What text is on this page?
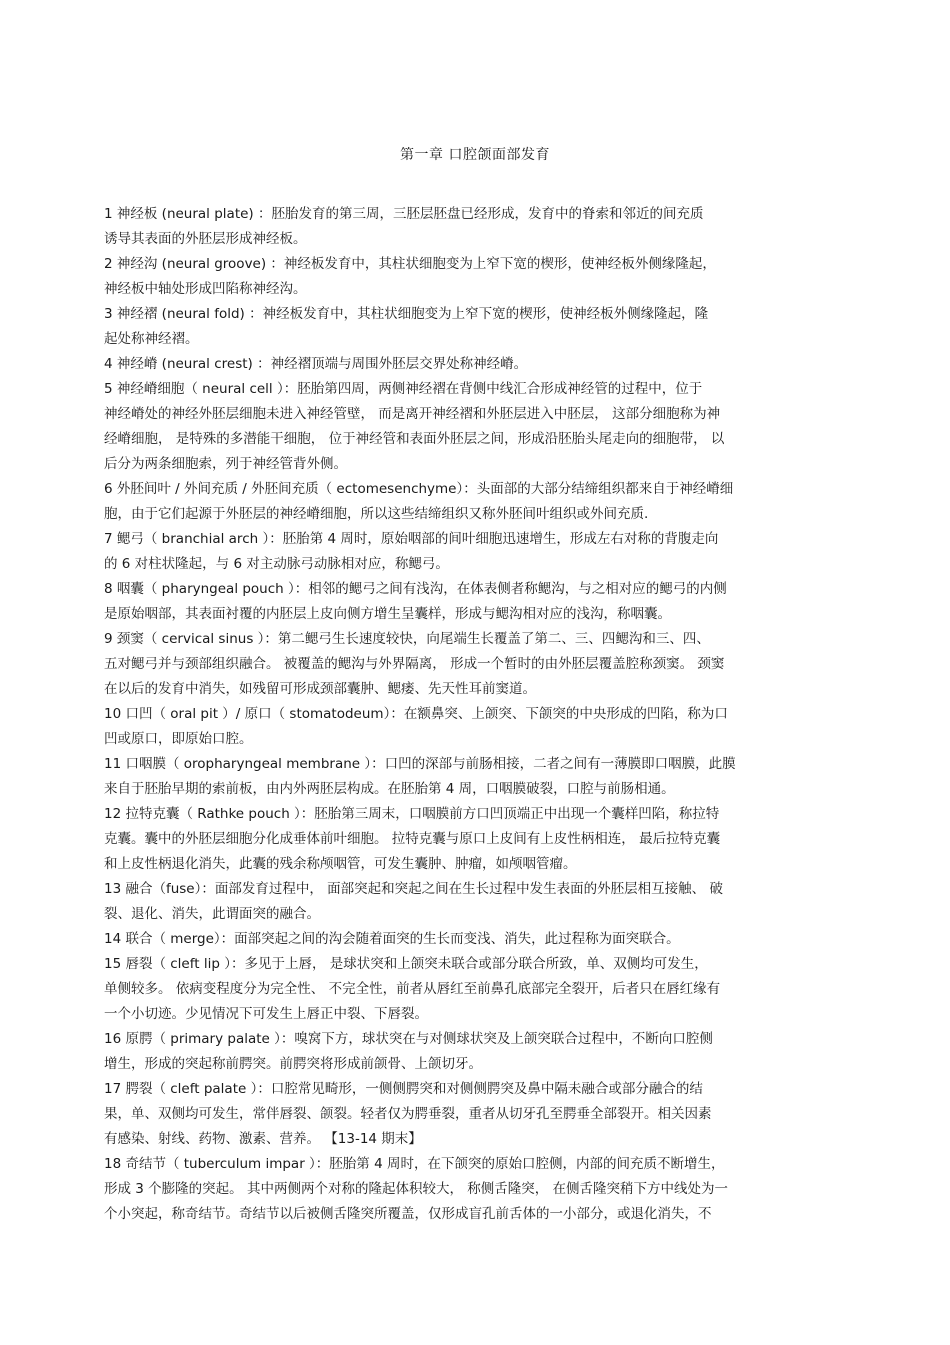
第一章 口腔颌面部发育
1 神经板 (neural plate) ：胚胎发育的第三周，三胚层胚盘已经形成，发育中的脊索和邻近的间充质
诱导其表面的外胚层形成神经板。
2 神经沟 (neural groove) ：神经板发育中，其柱状细胞变为上窄下宽的楔形，使神经板外侧缘隆起，
神经板中轴处形成凹陷称神经沟。
3 神经褶 (neural fold) ：神经板发育中，其柱状细胞变为上窄下宽的楔形，使神经板外侧缘隆起，隆
起处称神经褶。
4 神经嵴 (neural crest) ：神经褶顶端与周围外胚层交界处称神经嵴。
5 神经嵴细胞（ neural cell ）：胚胎第四周，两侧神经褶在背侧中线汇合形成神经管的过程中，位于
神经嵴处的神经外胚层细胞未进入神经管壁， 而是离开神经褶和外胚层进入中胚层， 这部分细胞称为神
经嵴细胞， 是特殊的多潜能干细胞， 位于神经管和表面外胚层之间，形成沿胚胎头尾走向的细胞带， 以
后分为两条细胞索，列于神经管背外侧。
6 外胚间叶 / 外间充质 / 外胚间充质（ ectomesenchyme）：头面部的大部分结缔组织都来自于神经嵴细
胞，由于它们起源于外胚层的神经嵴细胞，所以这些结缔组织又称外胚间叶组织或外间充质.
7 鳃弓（ branchial arch ）：胚胎第 4 周时，原始咽部的间叶细胞迅速增生，形成左右对称的背腹走向
的 6 对柱状隆起，与 6 对主动脉弓动脉相对应，称鳃弓。
8 咽囊（ pharyngeal pouch ）：相邻的鳃弓之间有浅沟，在体表侧者称鳃沟，与之相对应的鳃弓的内侧
是原始咽部，其表面衬覆的内胚层上皮向侧方增生呈囊样，形成与鳃沟相对应的浅沟，称咽囊。
9 颈窦（ cervical sinus ）：第二鳃弓生长速度较快，向尾端生长覆盖了第二、三、四鳃沟和三、四、
五对鳃弓并与颈部组织融合。 被覆盖的鳃沟与外界隔离， 形成一个暂时的由外胚层覆盖腔称颈窦。 颈窦
在以后的发育中消失，如残留可形成颈部囊肿、鳃瘘、先天性耳前窦道。
10 口凹（ oral pit ）/ 原口（ stomatodeum）：在额鼻突、上颌突、下颌突的中央形成的凹陷，称为口
凹或原口，即原始口腔。
11 口咽膜（ oropharyngeal membrane ）：口凹的深部与前肠相接，二者之间有一薄膜即口咽膜，此膜
来自于胚胎早期的索前板，由内外两胚层构成。在胚胎第 4 周，口咽膜破裂，口腔与前肠相通。
12 拉特克囊（ Rathke pouch ）：胚胎第三周末，口咽膜前方口凹顶端正中出现一个囊样凹陷，称拉特
克囊。囊中的外胚层细胞分化成垂体前叶细胞。 拉特克囊与原口上皮间有上皮性柄相连， 最后拉特克囊
和上皮性柄退化消失，此囊的残余称颅咽管，可发生囊肿、肿瘤，如颅咽管瘤。
13 融合（fuse）：面部发育过程中， 面部突起和突起之间在生长过程中发生表面的外胚层相互接触、 破
裂、退化、消失，此谓面突的融合。
14 联合（ merge）：面部突起之间的沟会随着面突的生长而变浅、消失，此过程称为面突联合。
15 唇裂（ cleft lip ）：多见于上唇， 是球状突和上颌突未联合或部分联合所致，单、双侧均可发生，
单侧较多。 依病变程度分为完全性、 不完全性，前者从唇红至前鼻孔底部完全裂开，后者只在唇红缘有
一个小切迹。少见情况下可发生上唇正中裂、下唇裂。
16 原腭（ primary palate ）：嗅窝下方，球状突在与对侧球状突及上颌突联合过程中，不断向口腔侧
增生，形成的突起称前腭突。前腭突将形成前颌骨、上颌切牙。
17 腭裂（ cleft palate ）：口腔常见畸形，一侧侧腭突和对侧侧腭突及鼻中隔未融合或部分融合的结
果，单、双侧均可发生，常伴唇裂、颌裂。轻者仅为腭垂裂，重者从切牙孔至腭垂全部裂开。相关因素
有感染、射线、药物、激素、营养。 【13-14 期末】
18 奇结节（ tuberculum impar ）：胚胎第 4 周时，在下颌突的原始口腔侧，内部的间充质不断增生，
形成 3 个膨隆的突起。 其中两侧两个对称的隆起体积较大， 称侧舌隆突， 在侧舌隆突稍下方中线处为一
个小突起，称奇结节。奇结节以后被侧舌隆突所覆盖，仅形成盲孔前舌体的一小部分，或退化消失，不
